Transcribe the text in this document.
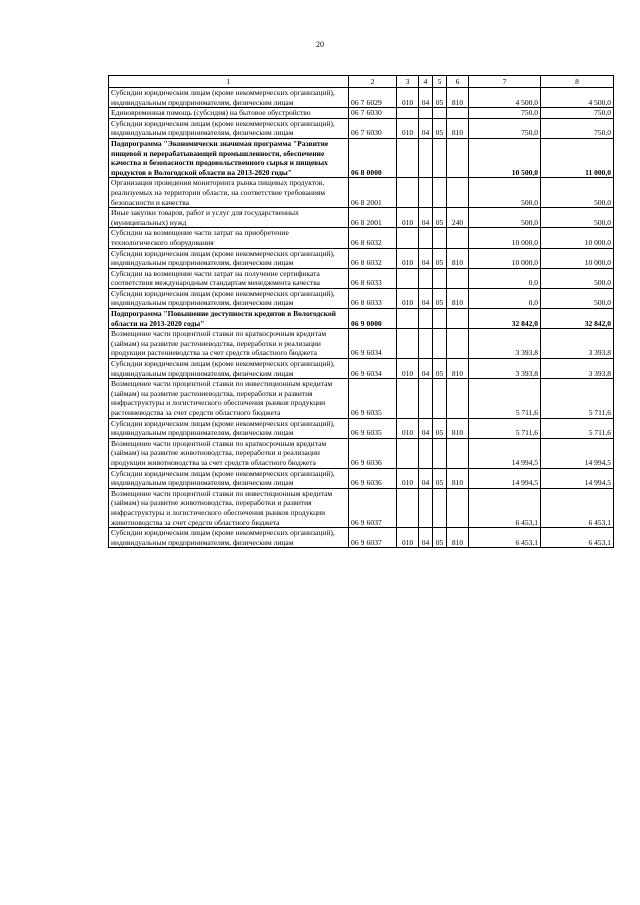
20
1	2	3	4	5	6	7	8
Субсидии юридическим лицам (кроме некоммерческих организаций), индивидуальным предпринимателям, физическим лицам	06 7 6029	010	04	05	810	4 500,0	4 500,0
Единовременная помощь (субсидия) на бытовое обустройство	06 7 6030					750,0	750,0
Субсидии юридическим лицам (кроме некоммерческих организаций), индивидуальным предпринимателям, физическим лицам	06 7 6030	010	04	05	810	750,0	750,0
Подпрограмма "Экономически значимая программа "Развитие пищевой и перерабатывающей промышленности, обеспечение качества и безопасности продовольственного сырья и пищевых продуктов в Вологодской области на 2013-2020 годы"	06 8 0000					10 500,0	11 000,0
Организация проведения мониторинга рынка пищевых продуктов, реализуемых на территории области, на соответствие требованиям безопасности и качества	06 8 2001					500,0	500,0
Иные закупки товаров, работ и услуг для государственных (муниципальных) нужд	06 8 2001	010	04	05	240	500,0	500,0
Субсидии на возмещение части затрат на приобретение технологического оборудования	06 8 6032					10 000,0	10 000,0
Субсидии юридическим лицам (кроме некоммерческих организаций), индивидуальным предпринимателям, физическим лицам	06 8 6032	010	04	05	810	10 000,0	10 000,0
Субсидии на возмещение части затрат на получение сертификата соответствия международным стандартам менеджмента качества	06 8 6033					0,0	500,0
Субсидии юридическим лицам (кроме некоммерческих организаций), индивидуальным предпринимателям, физическим лицам	06 8 6033	010	04	05	810	0,0	500,0
Подпрограмма "Повышение доступности кредитов в Вологодской области на 2013-2020 годы"	06 9 0000					32 842,0	32 842,0
Возмещение части процентной ставки по краткосрочным кредитам (займам) на развитие растениеводства, переработки и реализации продукции растениеводства за счет средств областного бюджета	06 9 6034					3 393,8	3 393,8
Субсидии юридическим лицам (кроме некоммерческих организаций), индивидуальным предпринимателям, физическим лицам	06 9 6034	010	04	05	810	3 393,8	3 393,8
Возмещение части процентной ставки по инвестиционным кредитам (займам) на развитие растениеводства, переработки и развития инфраструктуры и логистического обеспечения рынков продукции растениеводства за счет средств областного бюджета	06 9 6035					5 711,6	5 711,6
Субсидии юридическим лицам (кроме некоммерческих организаций), индивидуальным предпринимателям, физическим лицам	06 9 6035	010	04	05	810	5 711,6	5 711,6
Возмещение части процентной ставки по краткосрочным кредитам (займам) на развитие животноводства, переработки и реализации продукции животноводства за счет средств областного бюджета	06 9 6036					14 994,5	14 994,5
Субсидии юридическим лицам (кроме некоммерческих организаций), индивидуальным предпринимателям, физическим лицам	06 9 6036	010	04	05	810	14 994,5	14 994,5
Возмещение части процентной ставки по инвестиционным кредитам (займам) на развитие животноводства, переработки и развития инфраструктуры и логистического обеспечения рынков продукции животноводства за счет средств областного бюджета	06 9 6037					6 453,1	6 453,1
Субсидии юридическим лицам (кроме некоммерческих организаций), индивидуальным предпринимателям, физическим лицам	06 9 6037	010	04	05	810	6 453,1	6 453,1
